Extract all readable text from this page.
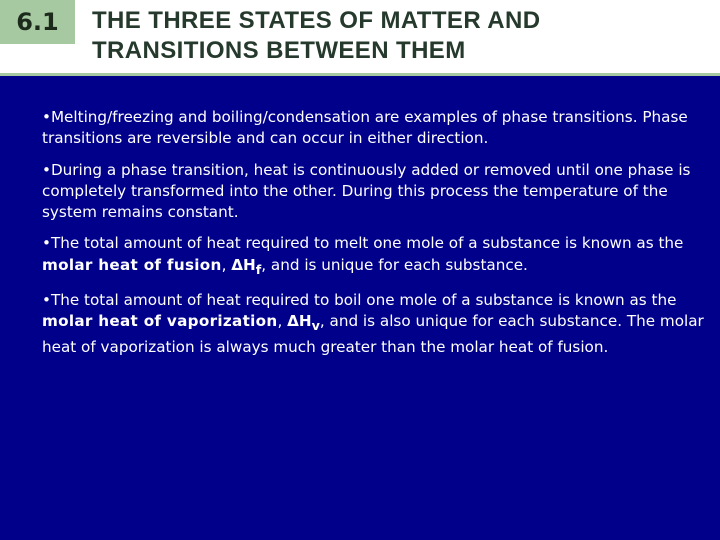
6.1 THE THREE STATES OF MATTER AND
TRANSITIONS BETWEEN THEM

•Melting/freezing and boiling/condensation are examples of phase transitions. Phase transitions are reversible and can occur in either direction.

•During a phase transition, heat is continuously added or removed until one phase is completely transformed into the other. During this process the temperature of the system remains constant.

•The total amount of heat required to melt one mole of a substance is known as the molar heat of fusion, $\Delta H_f$, and is unique for each substance.

•The total amount of heat required to boil one mole of a substance is known as the molar heat of vaporization, $\Delta H_v$, and is also unique for each substance. The molar heat of vaporization is always much greater than the molar heat of fusion.
